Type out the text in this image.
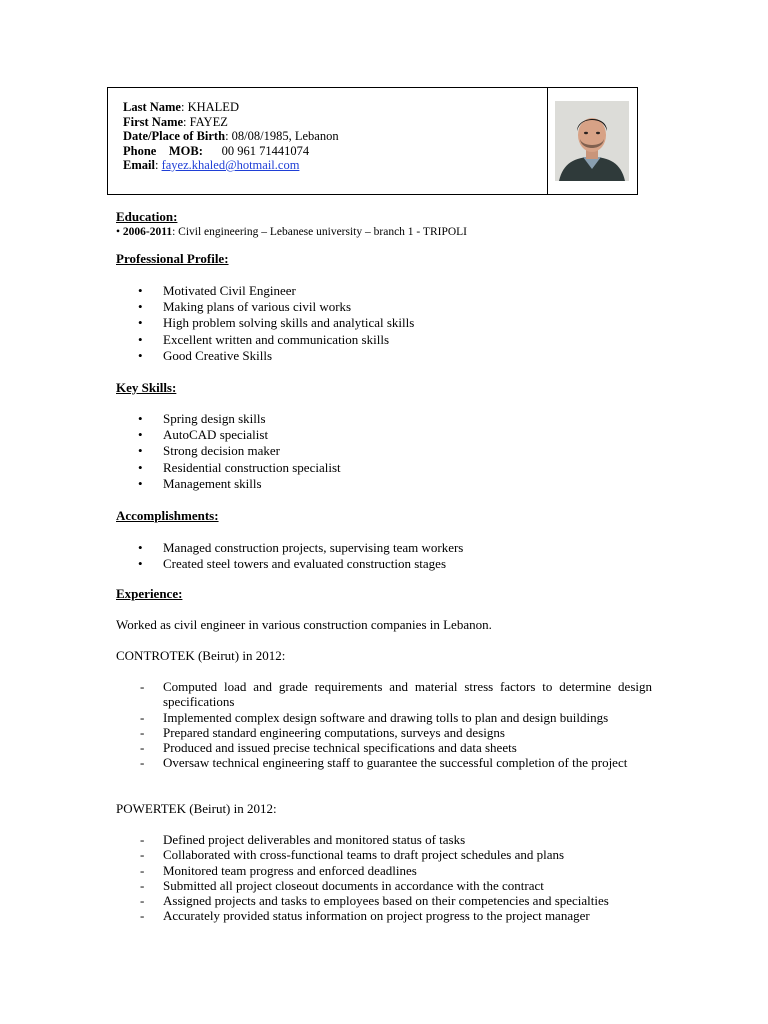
Last Name: KHALED
First Name: FAYEZ
Date/Place of Birth: 08/08/1985, Lebanon
Phone MOB: 00 961 71441074
Email: fayez.khaled@hotmail.com
Education:
• 2006-2011: Civil engineering – Lebanese university – branch 1 - TRIPOLI
Professional Profile:
• Motivated Civil Engineer
• Making plans of various civil works
• High problem solving skills and analytical skills
• Excellent written and communication skills
• Good Creative Skills
Key Skills:
• Spring design skills
• AutoCAD specialist
• Strong decision maker
• Residential construction specialist
• Management skills
Accomplishments:
• Managed construction projects, supervising team workers
• Created steel towers and evaluated construction stages
Experience:
Worked as civil engineer in various construction companies in Lebanon.
CONTROTEK (Beirut) in 2012:
- Computed load and grade requirements and material stress factors to determine design specifications
- Implemented complex design software and drawing tolls to plan and design buildings
- Prepared standard engineering computations, surveys and designs
- Produced and issued precise technical specifications and data sheets
- Oversaw technical engineering staff to guarantee the successful completion of the project
POWERTEK (Beirut) in 2012:
- Defined project deliverables and monitored status of tasks
- Collaborated with cross-functional teams to draft project schedules and plans
- Monitored team progress and enforced deadlines
- Submitted all project closeout documents in accordance with the contract
- Assigned projects and tasks to employees based on their competencies and specialties
- Accurately provided status information on project progress to the project manager
